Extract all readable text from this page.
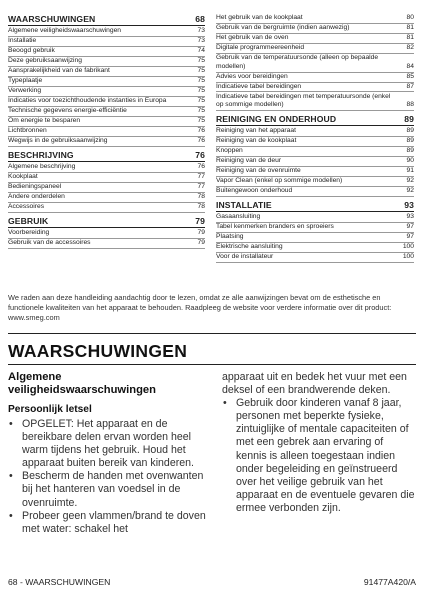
WAARSCHUWINGEN	68
Algemene veiligheidswaarschuwingen	73
Installatie	73
Beoogd gebruik	74
Deze gebruiksaanwijzing	75
Aansprakelijkheid van de fabrikant	75
Typeplaatje	75
Verwerking	75
Indicaties voor toezichthoudende instanties in Europa	75
Technische gegevens energie-efficiëntie	75
Om energie te besparen	75
Lichtbronnen	76
Wegwijs in de gebruiksaanwijzing	76
BESCHRIJVING	76
Algemene beschrijving	76
Kookplaat	77
Bedieningspaneel	77
Andere onderdelen	78
Accessoires	78
GEBRUIK	79
Voorbereiding	79
Gebruik van de accessoires	79
Het gebruik van de kookplaat	80
Gebruik van de bergruimte (indien aanwezig)	81
Het gebruik van de oven	81
Digitale programmeereenheid	82
Gebruik van de temperatuursonde (alleen op bepaalde modellen)	84
Advies voor bereidingen	85
Indicatieve tabel bereidingen	87
Indicatieve tabel bereidingen met temperatuursonde (enkel op sommige modellen)	88
REINIGING EN ONDERHOUD	89
Reiniging van het apparaat	89
Reiniging van de kookplaat	89
Knoppen	89
Reiniging van de deur	90
Reiniging van de ovenruimte	91
Vapor Clean (enkel op sommige modellen)	92
Buitengewoon onderhoud	92
INSTALLATIE	93
Gasaansluiting	93
Tabel kenmerken branders en sproeiers	97
Plaatsing	97
Elektrische aansluiting	100
Voor de installateur	100

We raden aan deze handleiding aandachtig door te lezen, omdat ze alle aanwijzingen bevat om de esthetische en functionele kwaliteiten van het apparaat te behouden. Raadpleeg de website voor verdere informatie over dit product: www.smeg.com

WAARSCHUWINGEN
Algemene veiligheidswaarschuwingen
Persoonlijk letsel
• OPGELET: Het apparaat en de bereikbare delen ervan worden heel warm tijdens het gebruik. Houd het apparaat buiten bereik van kinderen.
• Bescherm de handen met ovenwanten bij het hanteren van voedsel in de ovenruimte.
• Probeer geen vlammen/brand te doven met water: schakel het

apparaat uit en bedek het vuur met een deksel of een brandwerende deken.

• Gebruik door kinderen vanaf 8 jaar, personen met beperkte fysieke, zintuiglijke of mentale capaciteiten of met een gebrek aan ervaring of kennis is alleen toegestaan indien onder begeleiding en geïnstrueerd over het veilige gebruik van het apparaat en de eventuele gevaren die ermee verbonden zijn.
68 - WAARSCHUWINGEN	91477A420/A
